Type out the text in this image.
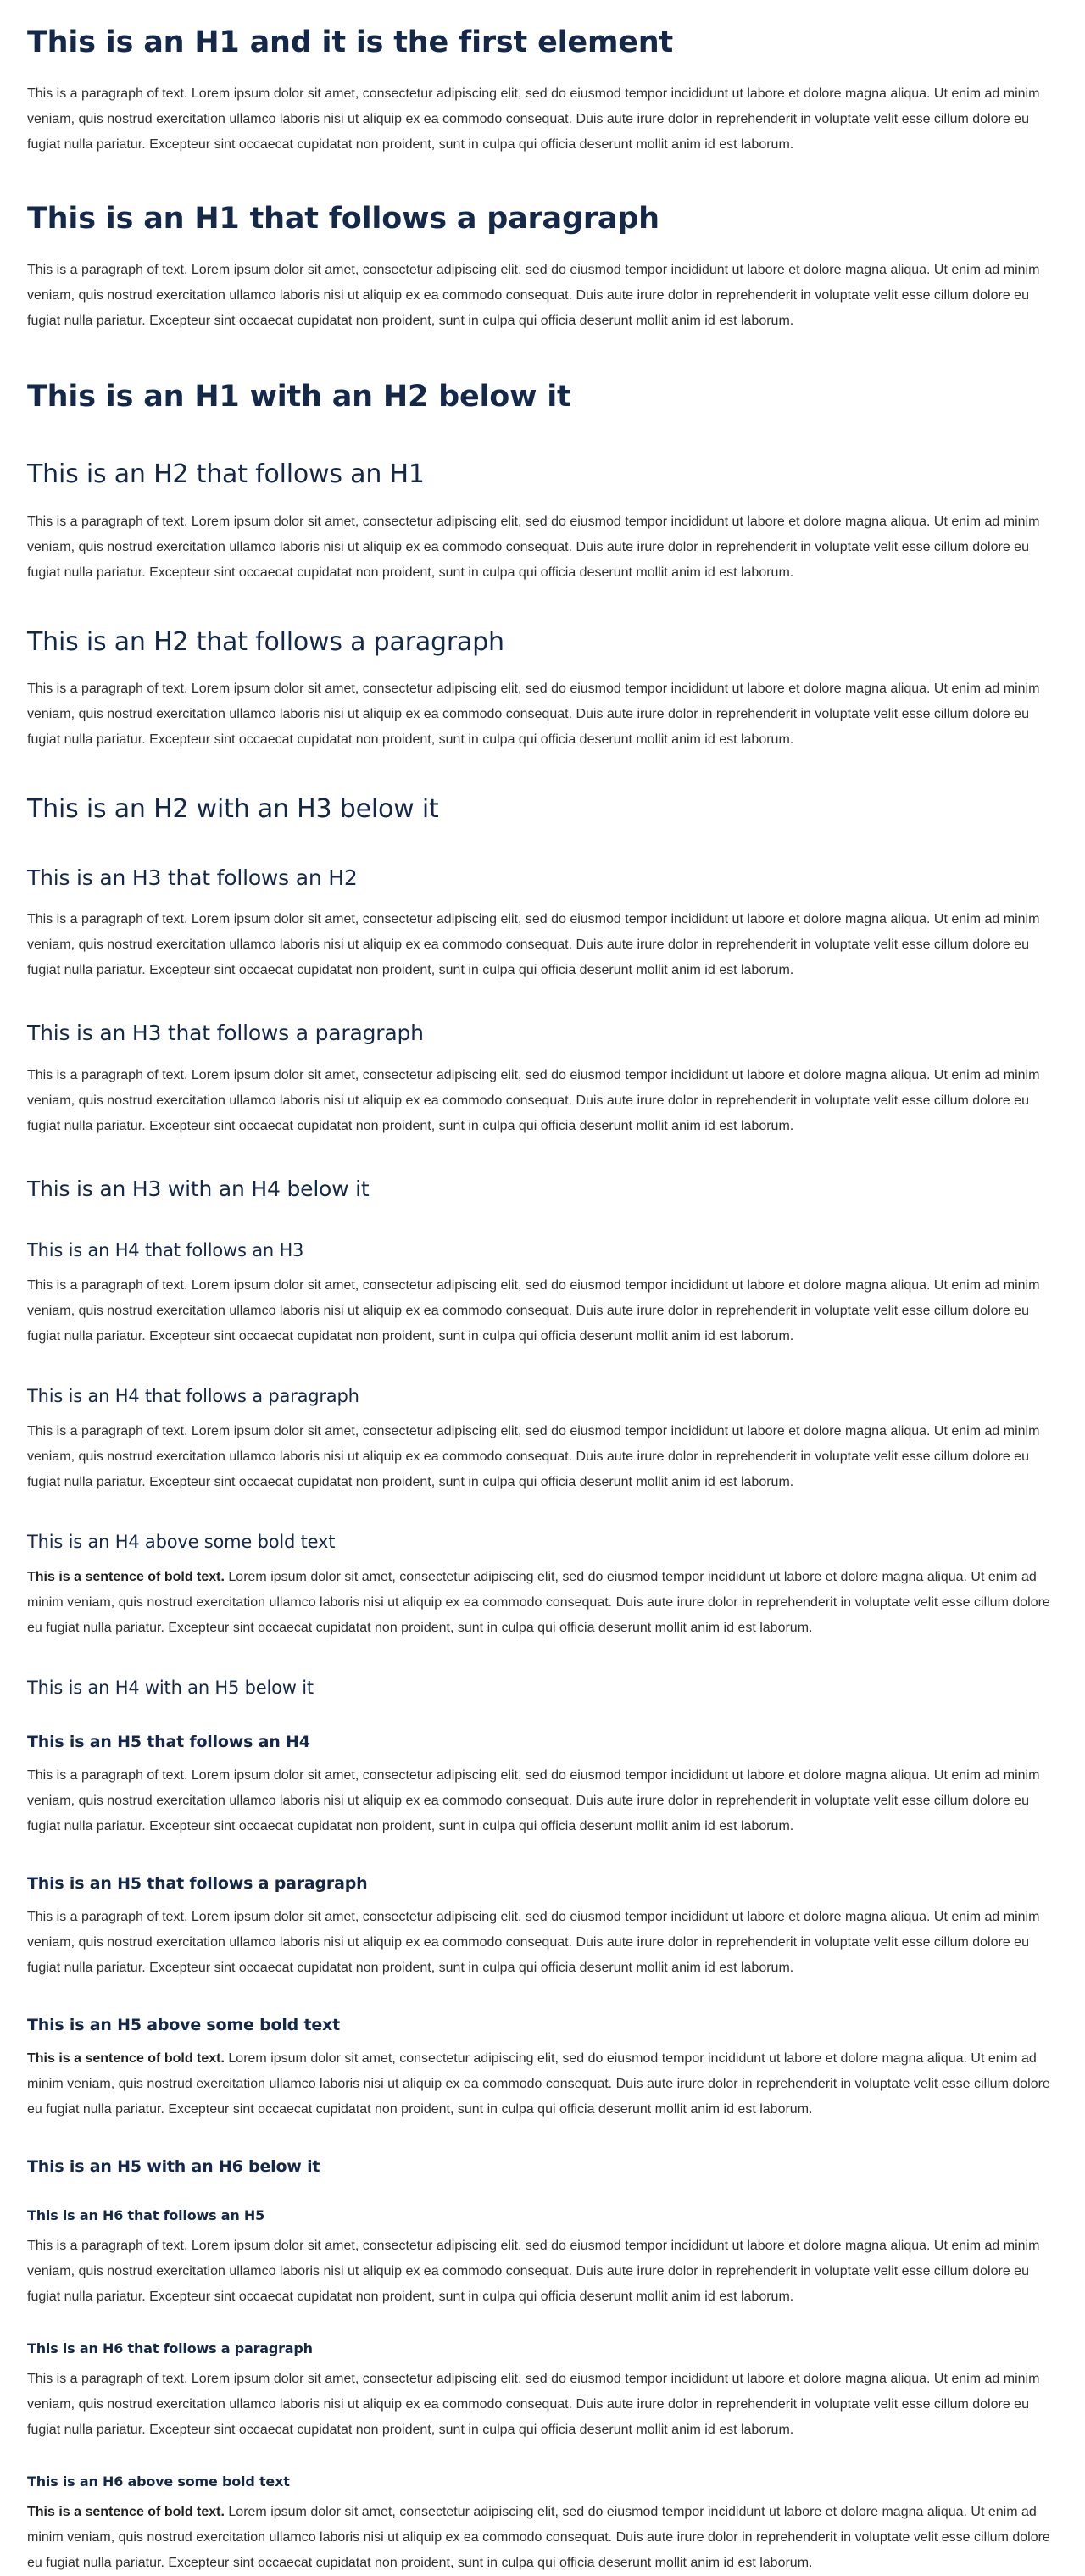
This is an H1 and it is the first element

This is a paragraph of text. Lorem ipsum dolor sit amet, consectetur adipiscing elit, sed do eiusmod tempor incididunt ut labore et dolore magna aliqua. Ut enim ad minim veniam, quis nostrud exercitation ullamco laboris nisi ut aliquip ex ea commodo consequat. Duis aute irure dolor in reprehenderit in voluptate velit esse cillum dolore eu fugiat nulla pariatur. Excepteur sint occaecat cupidatat non proident, sunt in culpa qui officia deserunt mollit anim id est laborum.

This is an H1 that follows a paragraph

This is a paragraph of text. Lorem ipsum dolor sit amet, consectetur adipiscing elit, sed do eiusmod tempor incididunt ut labore et dolore magna aliqua. Ut enim ad minim veniam, quis nostrud exercitation ullamco laboris nisi ut aliquip ex ea commodo consequat. Duis aute irure dolor in reprehenderit in voluptate velit esse cillum dolore eu fugiat nulla pariatur. Excepteur sint occaecat cupidatat non proident, sunt in culpa qui officia deserunt mollit anim id est laborum.

This is an H1 with an H2 below it
This is an H2 that follows an H1

This is a paragraph of text. Lorem ipsum dolor sit amet, consectetur adipiscing elit, sed do eiusmod tempor incididunt ut labore et dolore magna aliqua. Ut enim ad minim veniam, quis nostrud exercitation ullamco laboris nisi ut aliquip ex ea commodo consequat. Duis aute irure dolor in reprehenderit in voluptate velit esse cillum dolore eu fugiat nulla pariatur. Excepteur sint occaecat cupidatat non proident, sunt in culpa qui officia deserunt mollit anim id est laborum.

This is an H2 that follows a paragraph

This is a paragraph of text. Lorem ipsum dolor sit amet, consectetur adipiscing elit, sed do eiusmod tempor incididunt ut labore et dolore magna aliqua. Ut enim ad minim veniam, quis nostrud exercitation ullamco laboris nisi ut aliquip ex ea commodo consequat. Duis aute irure dolor in reprehenderit in voluptate velit esse cillum dolore eu fugiat nulla pariatur. Excepteur sint occaecat cupidatat non proident, sunt in culpa qui officia deserunt mollit anim id est laborum.

This is an H2 with an H3 below it
This is an H3 that follows an H2

This is a paragraph of text. Lorem ipsum dolor sit amet, consectetur adipiscing elit, sed do eiusmod tempor incididunt ut labore et dolore magna aliqua. Ut enim ad minim veniam, quis nostrud exercitation ullamco laboris nisi ut aliquip ex ea commodo consequat. Duis aute irure dolor in reprehenderit in voluptate velit esse cillum dolore eu fugiat nulla pariatur. Excepteur sint occaecat cupidatat non proident, sunt in culpa qui officia deserunt mollit anim id est laborum.

This is an H3 that follows a paragraph

This is a paragraph of text. Lorem ipsum dolor sit amet, consectetur adipiscing elit, sed do eiusmod tempor incididunt ut labore et dolore magna aliqua. Ut enim ad minim veniam, quis nostrud exercitation ullamco laboris nisi ut aliquip ex ea commodo consequat. Duis aute irure dolor in reprehenderit in voluptate velit esse cillum dolore eu fugiat nulla pariatur. Excepteur sint occaecat cupidatat non proident, sunt in culpa qui officia deserunt mollit anim id est laborum.

This is an H3 with an H4 below it
This is an H4 that follows an H3

This is a paragraph of text. Lorem ipsum dolor sit amet, consectetur adipiscing elit, sed do eiusmod tempor incididunt ut labore et dolore magna aliqua. Ut enim ad minim veniam, quis nostrud exercitation ullamco laboris nisi ut aliquip ex ea commodo consequat. Duis aute irure dolor in reprehenderit in voluptate velit esse cillum dolore eu fugiat nulla pariatur. Excepteur sint occaecat cupidatat non proident, sunt in culpa qui officia deserunt mollit anim id est laborum.

This is an H4 that follows a paragraph

This is a paragraph of text. Lorem ipsum dolor sit amet, consectetur adipiscing elit, sed do eiusmod tempor incididunt ut labore et dolore magna aliqua. Ut enim ad minim veniam, quis nostrud exercitation ullamco laboris nisi ut aliquip ex ea commodo consequat. Duis aute irure dolor in reprehenderit in voluptate velit esse cillum dolore eu fugiat nulla pariatur. Excepteur sint occaecat cupidatat non proident, sunt in culpa qui officia deserunt mollit anim id est laborum.

This is an H4 above some bold text

This is a sentence of bold text. Lorem ipsum dolor sit amet, consectetur adipiscing elit, sed do eiusmod tempor incididunt ut labore et dolore magna aliqua. Ut enim ad minim veniam, quis nostrud exercitation ullamco laboris nisi ut aliquip ex ea commodo consequat. Duis aute irure dolor in reprehenderit in voluptate velit esse cillum dolore eu fugiat nulla pariatur. Excepteur sint occaecat cupidatat non proident, sunt in culpa qui officia deserunt mollit anim id est laborum.

This is an H4 with an H5 below it
This is an H5 that follows an H4

This is a paragraph of text. Lorem ipsum dolor sit amet, consectetur adipiscing elit, sed do eiusmod tempor incididunt ut labore et dolore magna aliqua. Ut enim ad minim veniam, quis nostrud exercitation ullamco laboris nisi ut aliquip ex ea commodo consequat. Duis aute irure dolor in reprehenderit in voluptate velit esse cillum dolore eu fugiat nulla pariatur. Excepteur sint occaecat cupidatat non proident, sunt in culpa qui officia deserunt mollit anim id est laborum.

This is an H5 that follows a paragraph

This is a paragraph of text. Lorem ipsum dolor sit amet, consectetur adipiscing elit, sed do eiusmod tempor incididunt ut labore et dolore magna aliqua. Ut enim ad minim veniam, quis nostrud exercitation ullamco laboris nisi ut aliquip ex ea commodo consequat. Duis aute irure dolor in reprehenderit in voluptate velit esse cillum dolore eu fugiat nulla pariatur. Excepteur sint occaecat cupidatat non proident, sunt in culpa qui officia deserunt mollit anim id est laborum.

This is an H5 above some bold text

This is a sentence of bold text. Lorem ipsum dolor sit amet, consectetur adipiscing elit, sed do eiusmod tempor incididunt ut labore et dolore magna aliqua. Ut enim ad minim veniam, quis nostrud exercitation ullamco laboris nisi ut aliquip ex ea commodo consequat. Duis aute irure dolor in reprehenderit in voluptate velit esse cillum dolore eu fugiat nulla pariatur. Excepteur sint occaecat cupidatat non proident, sunt in culpa qui officia deserunt mollit anim id est laborum.

This is an H5 with an H6 below it
This is an H6 that follows an H5

This is a paragraph of text. Lorem ipsum dolor sit amet, consectetur adipiscing elit, sed do eiusmod tempor incididunt ut labore et dolore magna aliqua. Ut enim ad minim veniam, quis nostrud exercitation ullamco laboris nisi ut aliquip ex ea commodo consequat. Duis aute irure dolor in reprehenderit in voluptate velit esse cillum dolore eu fugiat nulla pariatur. Excepteur sint occaecat cupidatat non proident, sunt in culpa qui officia deserunt mollit anim id est laborum.

This is an H6 that follows a paragraph

This is a paragraph of text. Lorem ipsum dolor sit amet, consectetur adipiscing elit, sed do eiusmod tempor incididunt ut labore et dolore magna aliqua. Ut enim ad minim veniam, quis nostrud exercitation ullamco laboris nisi ut aliquip ex ea commodo consequat. Duis aute irure dolor in reprehenderit in voluptate velit esse cillum dolore eu fugiat nulla pariatur. Excepteur sint occaecat cupidatat non proident, sunt in culpa qui officia deserunt mollit anim id est laborum.

This is an H6 above some bold text

This is a sentence of bold text. Lorem ipsum dolor sit amet, consectetur adipiscing elit, sed do eiusmod tempor incididunt ut labore et dolore magna aliqua. Ut enim ad minim veniam, quis nostrud exercitation ullamco laboris nisi ut aliquip ex ea commodo consequat. Duis aute irure dolor in reprehenderit in voluptate velit esse cillum dolore eu fugiat nulla pariatur. Excepteur sint occaecat cupidatat non proident, sunt in culpa qui officia deserunt mollit anim id est laborum.
